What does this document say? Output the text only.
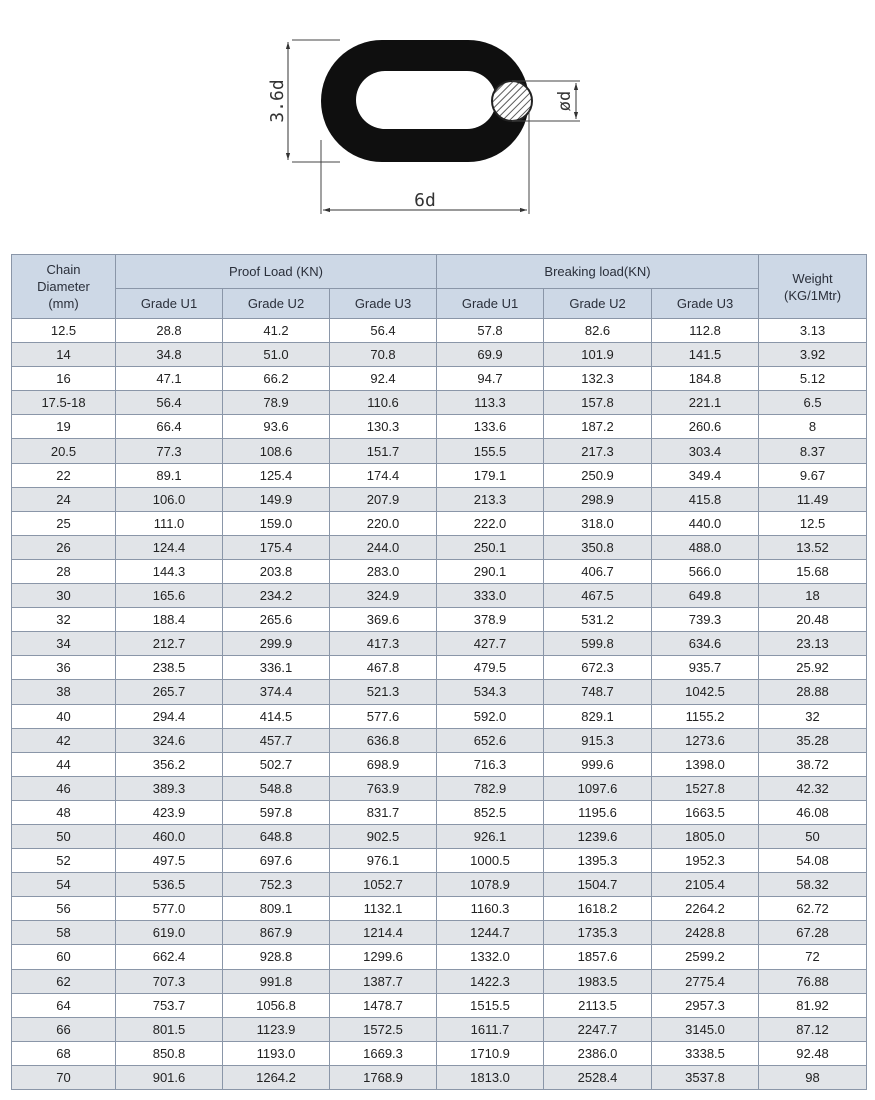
3.6d
6d
ød
Chain
Diameter
(mm)	Proof Load (KN)			Breaking load(KN)			Weight
(KG/1Mtr)

	Grade U1	Grade U2	Grade U3	Grade U1	Grade U2	Grade U3	
12.5	28.8	41.2	56.4	57.8	82.6	112.8	3.13
14	34.8	51.0	70.8	69.9	101.9	141.5	3.92
16	47.1	66.2	92.4	94.7	132.3	184.8	5.12
17.5-18	56.4	78.9	110.6	113.3	157.8	221.1	6.5
19	66.4	93.6	130.3	133.6	187.2	260.6	8
20.5	77.3	108.6	151.7	155.5	217.3	303.4	8.37
22	89.1	125.4	174.4	179.1	250.9	349.4	9.67
24	106.0	149.9	207.9	213.3	298.9	415.8	11.49
25	111.0	159.0	220.0	222.0	318.0	440.0	12.5
26	124.4	175.4	244.0	250.1	350.8	488.0	13.52
28	144.3	203.8	283.0	290.1	406.7	566.0	15.68
30	165.6	234.2	324.9	333.0	467.5	649.8	18
32	188.4	265.6	369.6	378.9	531.2	739.3	20.48
34	212.7	299.9	417.3	427.7	599.8	634.6	23.13
36	238.5	336.1	467.8	479.5	672.3	935.7	25.92
38	265.7	374.4	521.3	534.3	748.7	1042.5	28.88
40	294.4	414.5	577.6	592.0	829.1	1155.2	32
42	324.6	457.7	636.8	652.6	915.3	1273.6	35.28
44	356.2	502.7	698.9	716.3	999.6	1398.0	38.72
46	389.3	548.8	763.9	782.9	1097.6	1527.8	42.32
48	423.9	597.8	831.7	852.5	1195.6	1663.5	46.08
50	460.0	648.8	902.5	926.1	1239.6	1805.0	50
52	497.5	697.6	976.1	1000.5	1395.3	1952.3	54.08
54	536.5	752.3	1052.7	1078.9	1504.7	2105.4	58.32
56	577.0	809.1	1132.1	1160.3	1618.2	2264.2	62.72
58	619.0	867.9	1214.4	1244.7	1735.3	2428.8	67.28
60	662.4	928.8	1299.6	1332.0	1857.6	2599.2	72
62	707.3	991.8	1387.7	1422.3	1983.5	2775.4	76.88
64	753.7	1056.8	1478.7	1515.5	2113.5	2957.3	81.92
66	801.5	1123.9	1572.5	1611.7	2247.7	3145.0	87.12
68	850.8	1193.0	1669.3	1710.9	2386.0	3338.5	92.48
70	901.6	1264.2	1768.9	1813.0	2528.4	3537.8	98
